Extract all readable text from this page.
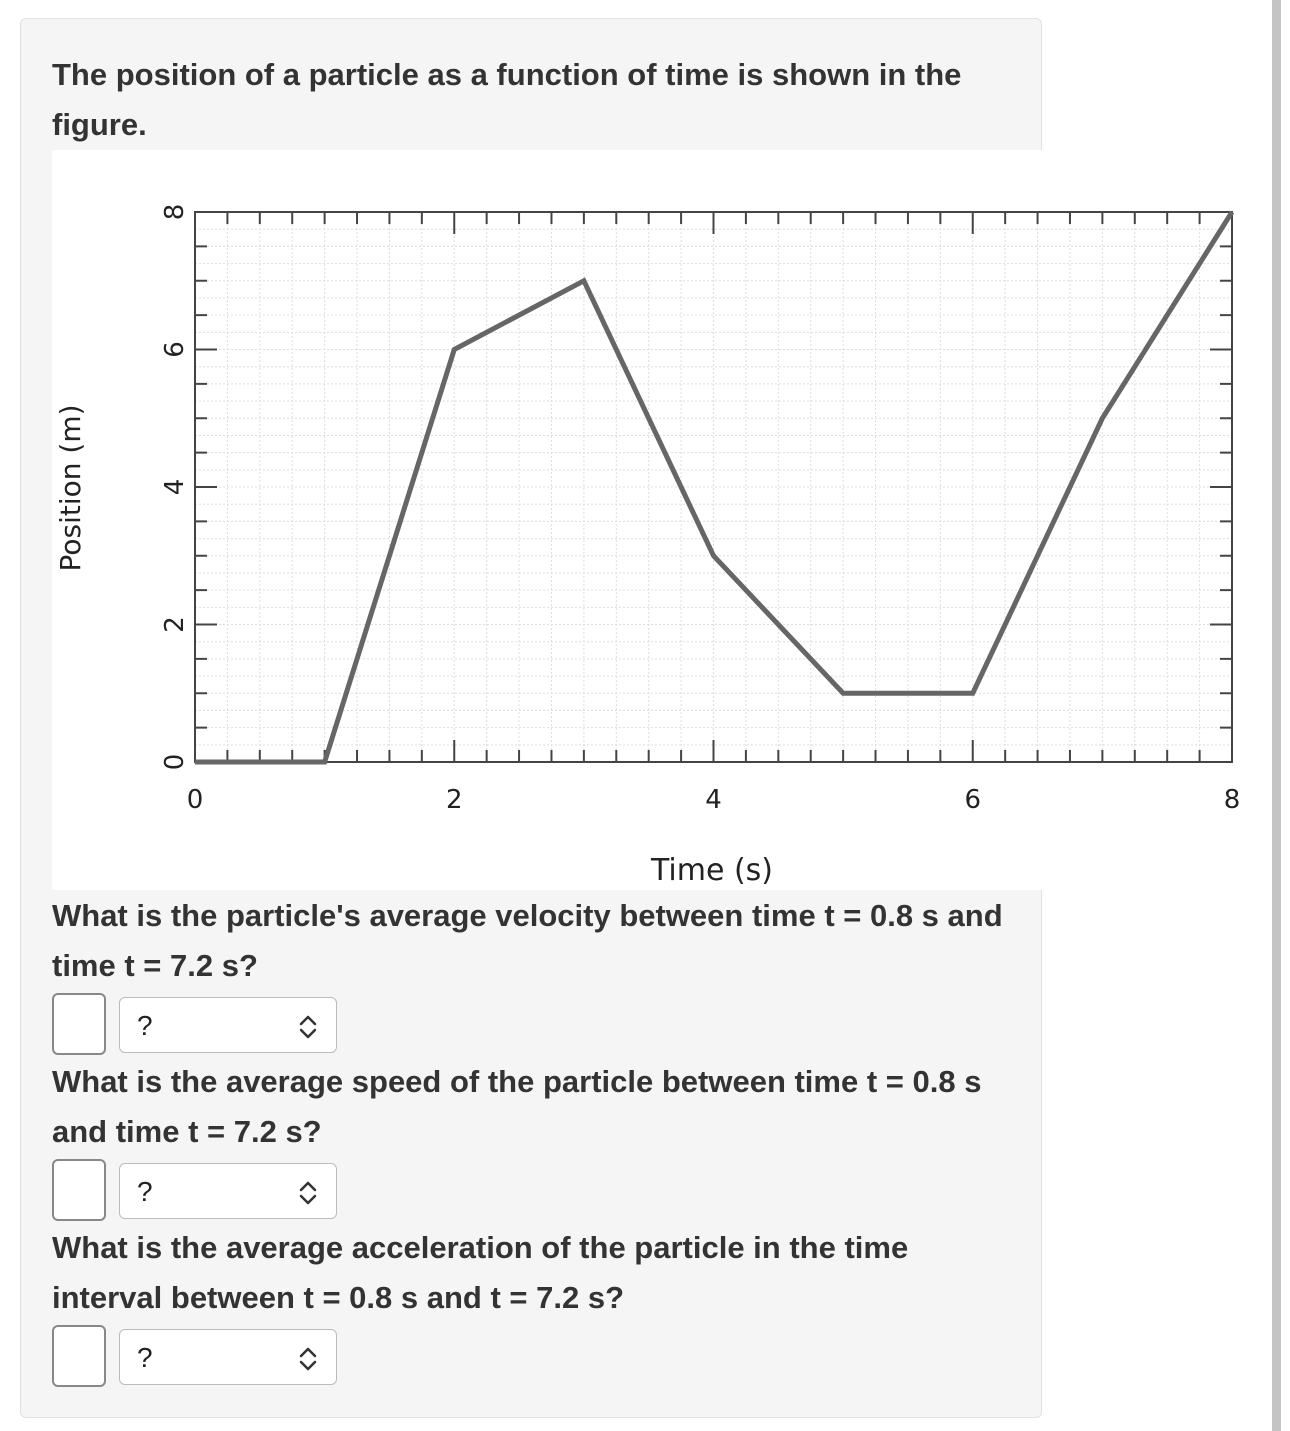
The position of a particle as a function of time is shown in the figure.

0
2
4
6
8
0	2	4	6	8
Position (m)
Time (s)

What is the particle's average velocity between time t = 0.8 s and time t = 7.2 s?

?

What is the average speed of the particle between time t = 0.8 s and time t = 7.2 s?

?

What is the average acceleration of the particle in the time interval between t = 0.8 s and t = 7.2 s?

?
